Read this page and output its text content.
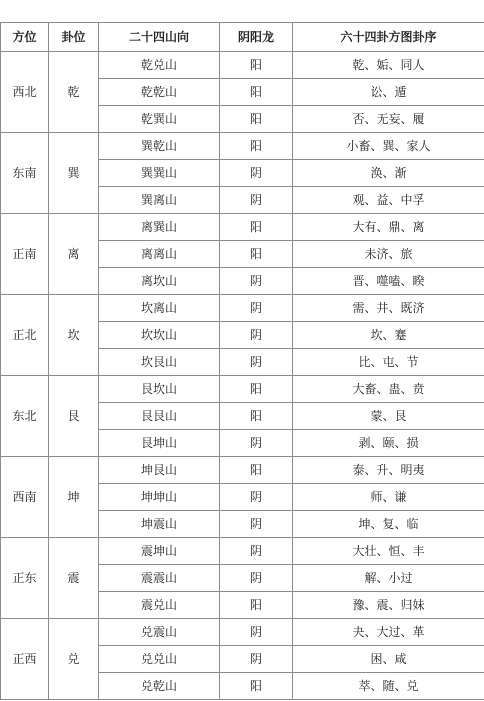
方位	卦位	二十四山向	阴阳龙	六十四卦方图卦序
西北	乾	乾兑山	阳	乾、姤、同人
		乾乾山	阳	讼、遁
		乾巽山	阳	否、无妄、履
东南	巽	巽乾山	阳	小畜、巽、家人
		巽巽山	阴	涣、渐
		巽离山	阴	观、益、中孚
正南	离	离巽山	阳	大有、鼎、离
		离离山	阳	未济、旅
		离坎山	阴	晋、噬嗑、睽
正北	坎	坎离山	阴	需、井、既济
		坎坎山	阴	坎、蹇
		坎艮山	阴	比、屯、节
东北	艮	艮坎山	阳	大畜、蛊、贲
		艮艮山	阳	蒙、艮
		艮坤山	阴	剥、颐、损
西南	坤	坤艮山	阳	泰、升、明夷
		坤坤山	阴	师、谦
		坤震山	阴	坤、复、临
正东	震	震坤山	阴	大壮、恒、丰
		震震山	阴	解、小过
		震兑山	阳	豫、震、归妹
正西	兑	兑震山	阴	夬、大过、革
		兑兑山	阴	困、咸
		兑乾山	阳	萃、随、兑
